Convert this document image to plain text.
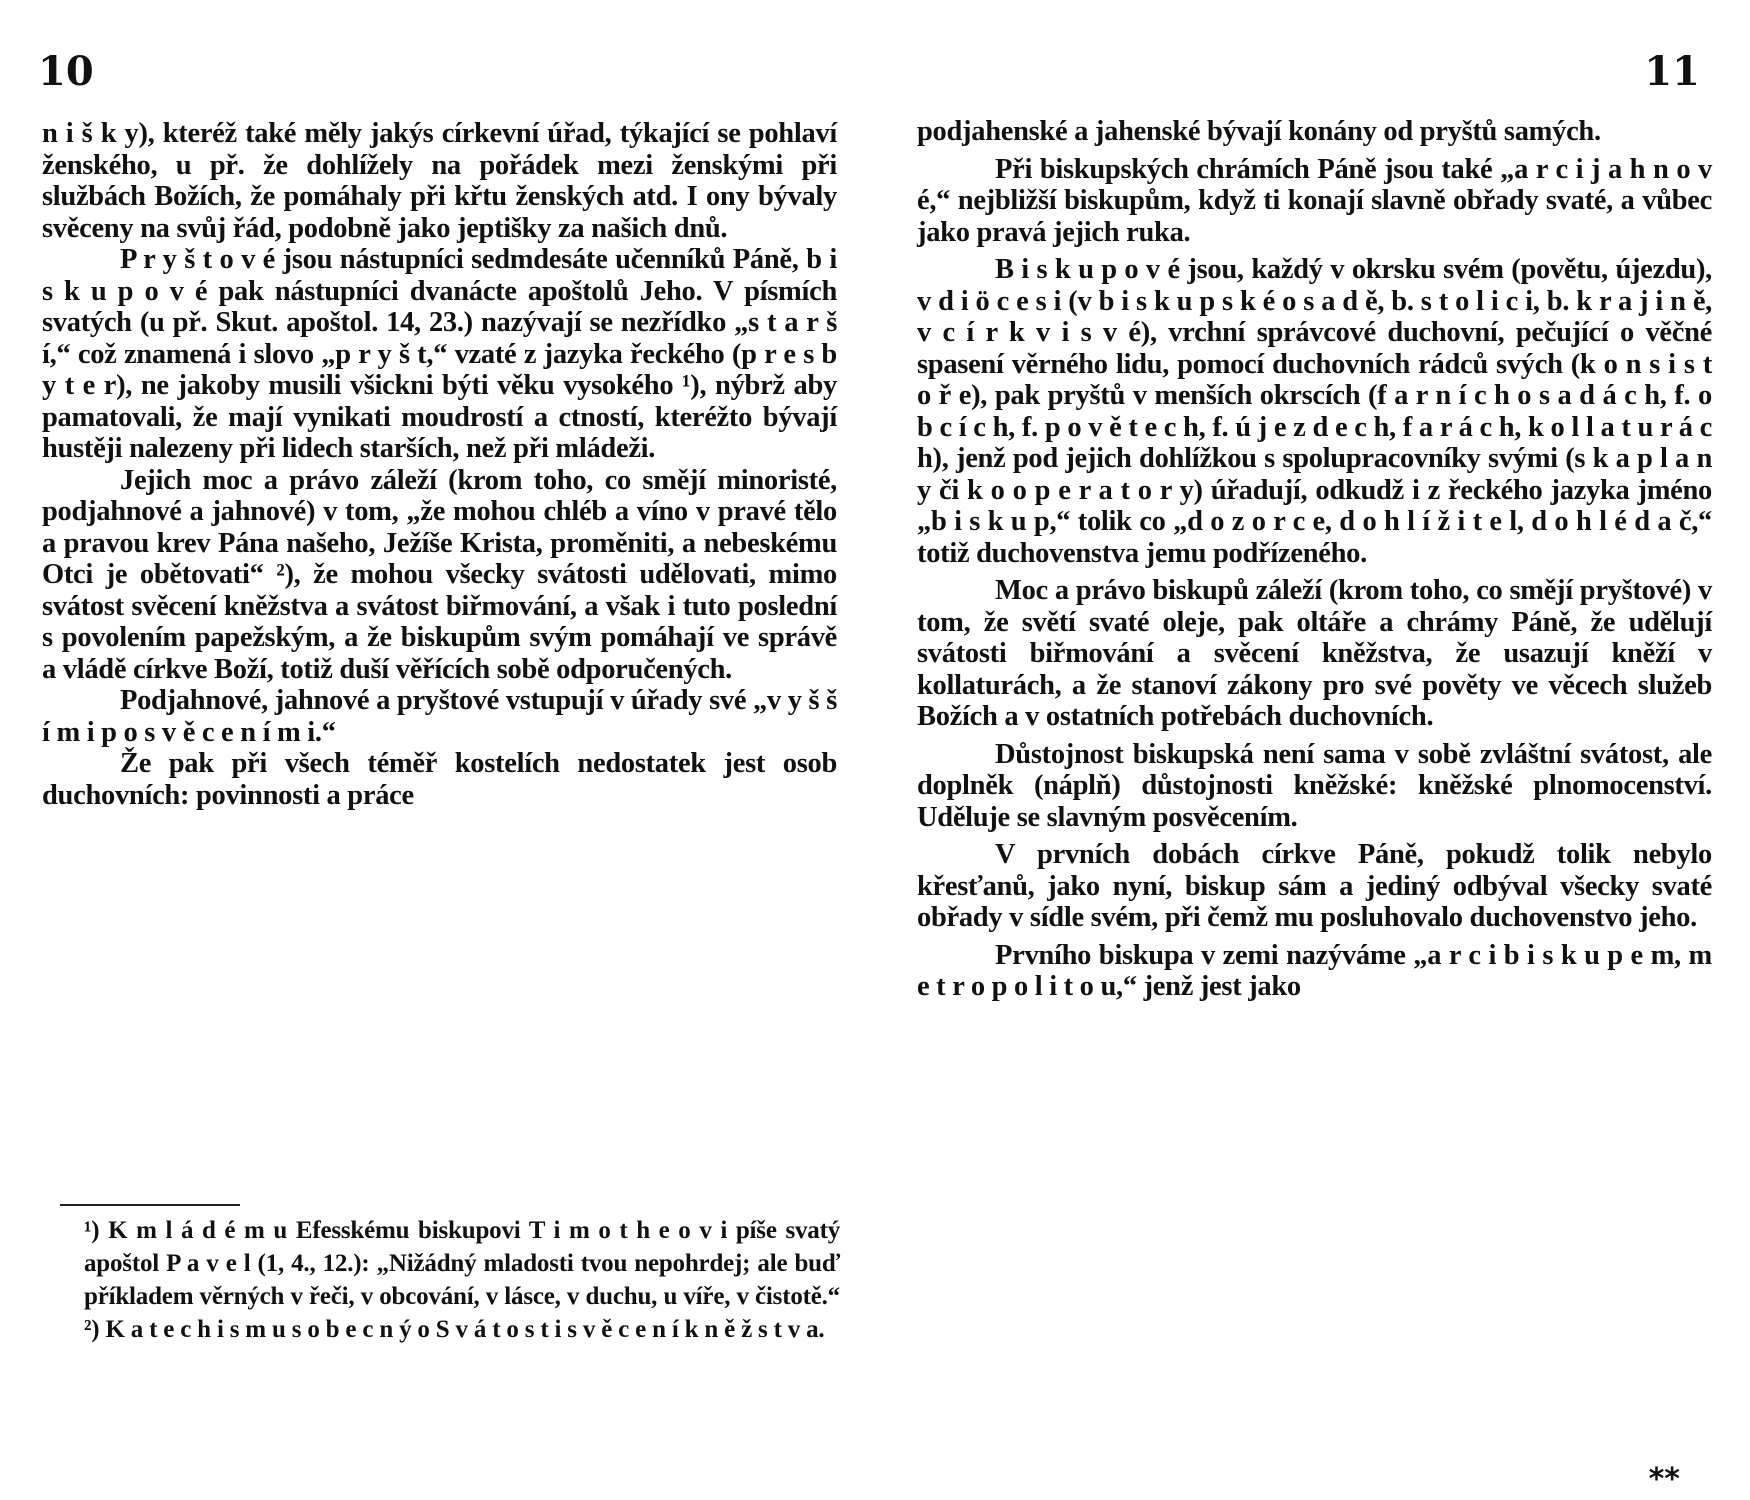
10

n i š k y), kteréž také měly jakýs církevní úřad, týkající se pohlaví ženského, u př. že dohlížely na pořádek mezi ženskými při službách Božích, že pomáhaly při křtu ženských atd. I ony bývaly svěceny na svůj řád, podobně jako jeptišky za našich dnů.

P r y š t o v é jsou nástupníci sedmdesáte učenníků Páně, b i s k u p o v é pak nástupníci dvanácte apoštolů Jeho. V písmích svatých (u př. Skut. apoštol. 14, 23.) nazývají se nezřídko „s t a r š í,“ což znamená i slovo „p r y š t,“ vzaté z jazyka řeckého (p r e s b y t e r), ne jakoby musili všickni býti věku vysokého ¹), nýbrž aby pamatovali, že mají vynikati moudrostí a ctností, kteréžto bývají hustěji nalezeny při lidech starších, než při mládeži.

Jejich moc a právo záleží (krom toho, co smějí minoristé, podjahnové a jahnové) v tom, „že mohou chléb a víno v pravé tělo a pravou krev Pána našeho, Ježíše Krista, proměniti, a nebeskému Otci je obětovati“ ²), že mohou všecky svátosti udělovati, mimo svátost svěcení kněžstva a svátost biřmování, a však i tuto poslední s povolením papežským, a že biskupům svým pomáhají ve správě a vládě církve Boží, totiž duší věřících sobě odporučených.

Podjahnové, jahnové a pryštové vstupují v úřady své „v y š š í m i p o s v ě c e n í m i.“

Že pak při všech téměř kostelích nedostatek jest osob duchovních: povinnosti a práce

¹) K m l á d é m u Efesskému biskupovi T i m o t h e o v i píše svatý apoštol P a v e l (1, 4., 12.): „Nižádný mladosti tvou nepohrdej; ale buď příkladem věrných v řeči, v obcování, v lásce, v duchu, u víře, v čistotě.“ ²) K a t e c h i s m u s o b e c n ý o S v á t o s t i s v ě c e n í k n ě ž s t v a.

11

podjahenské a jahenské bývají konány od pryštů samých.

Při biskupských chrámích Páně jsou také „a r c i j a h n o v é,“ nejbližší biskupům, když ti konají slavně obřady svaté, a vůbec jako pravá jejich ruka.

B i s k u p o v é jsou, každý v okrsku svém (povětu, újezdu), v d i ö c e s i (v b i s k u p s k é o s a d ě, b. s t o l i c i, b. k r a j i n ě, v c í r k v i s v é), vrchní správcové duchovní, pečující o věčné spasení věrného lidu, pomocí duchovních rádců svých (k o n s i s t o ř e), pak pryštů v menších okrscích (f a r n í c h o s a d á c h, f. o b c í c h, f. p o v ě t e c h, f. ú j e z d e c h, f a r á c h, k o l l a t u r á c h), jenž pod jejich dohlížkou s spolupracovníky svými (s k a p l a n y či k o o p e r a t o r y) úřadují, odkudž i z řeckého jazyka jméno „b i s k u p,“ tolik co „d o z o r c e, d o h l í ž i t e l, d o h l é d a č,“ totiž duchovenstva jemu podřízeného.

Moc a právo biskupů záleží (krom toho, co smějí pryštové) v tom, že světí svaté oleje, pak oltáře a chrámy Páně, že udělují svátosti biřmování a svěcení kněžstva, že usazují kněží v kollaturách, a že stanoví zákony pro své pověty ve věcech služeb Božích a v ostatních potřebách duchovních.

Důstojnost biskupská není sama v sobě zvláštní svátost, ale doplněk (náplň) důstojnosti kněžské: kněžské plnomocenství. Uděluje se slavným posvěcením.

V prvních dobách církve Páně, pokudž tolik nebylo křesťanů, jako nyní, biskup sám a jediný odbýval všecky svaté obřady v sídle svém, při čemž mu posluhovalo duchovenstvo jeho.

Prvního biskupa v zemi nazýváme „a r c i b i s k u p e m, m e t r o p o l i t o u,“ jenž jest jako

**
